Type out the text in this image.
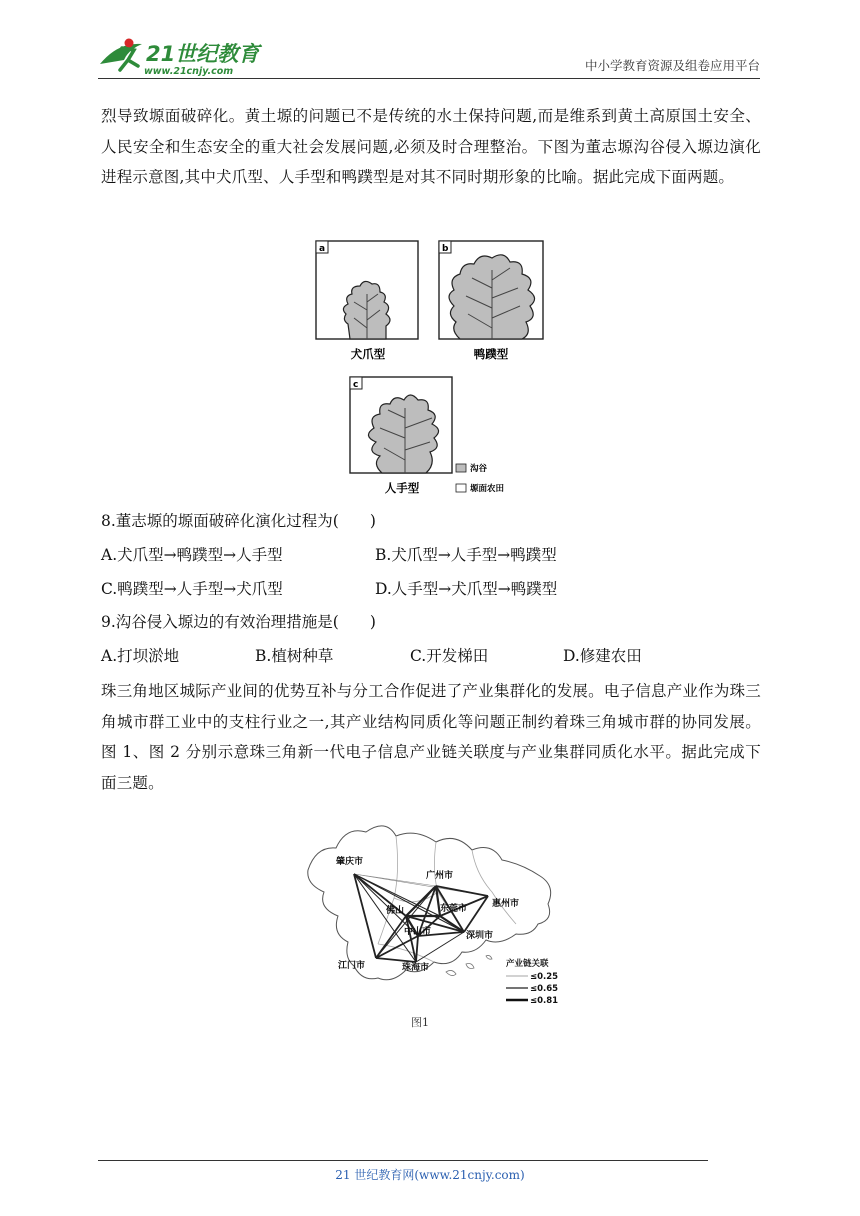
21世纪教育
www.21cnjy.com	中小学教育资源及组卷应用平台

烈导致塬面破碎化。黄土塬的问题已不是传统的水土保持问题,而是维系到黄土高原国土安全、人民安全和生态安全的重大社会发展问题,必须及时合理整治。下图为董志塬沟谷侵入塬边演化进程示意图,其中犬爪型、人手型和鸭蹼型是对其不同时期形象的比喻。据此完成下面两题。

a
犬爪型
b
鸭蹼型
c
人手型
沟谷
塬面农田
8.董志塬的塬面破碎化演化过程为(　　)
A.犬爪型→鸭蹼型→人手型	B.犬爪型→人手型→鸭蹼型
C.鸭蹼型→人手型→犬爪型	D.人手型→犬爪型→鸭蹼型
9.沟谷侵入塬边的有效治理措施是(　　)
A.打坝淤地	B.植树种草	C.开发梯田	D.修建农田

珠三角地区城际产业间的优势互补与分工合作促进了产业集群化的发展。电子信息产业作为珠三角城市群工业中的支柱行业之一,其产业结构同质化等问题正制约着珠三角城市群的协同发展。图 1、图 2 分别示意珠三角新一代电子信息产业链关联度与产业集群同质化水平。据此完成下面三题。

肇庆市
广州市
惠州市
佛山	东莞市
中山市	深圳市
江门市	珠海市	产业链关联
≤0.25
≤0.65
≤0.81
图1
21 世纪教育网(www.21cnjy.com)
